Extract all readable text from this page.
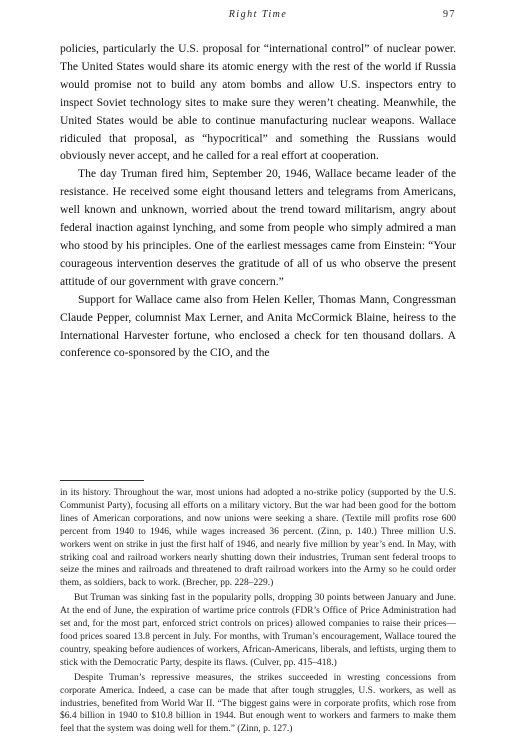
Right Time	97

policies, particularly the U.S. proposal for “international control” of nuclear power. The United States would share its atomic energy with the rest of the world if Russia would promise not to build any atom bombs and allow U.S. inspectors entry to inspect Soviet technology sites to make sure they weren’t cheating. Meanwhile, the United States would be able to continue manufacturing nuclear weapons. Wallace ridiculed that proposal, as “hypocritical” and something the Russians would obviously never accept, and he called for a real effort at cooperation.

The day Truman fired him, September 20, 1946, Wallace became leader of the resistance. He received some eight thousand letters and telegrams from Americans, well known and unknown, worried about the trend toward militarism, angry about federal inaction against lynching, and some from people who simply admired a man who stood by his principles. One of the earliest messages came from Einstein: “Your courageous intervention deserves the gratitude of all of us who observe the present attitude of our government with grave concern.”

Support for Wallace came also from Helen Keller, Thomas Mann, Congressman Claude Pepper, columnist Max Lerner, and Anita McCormick Blaine, heiress to the International Harvester fortune, who enclosed a check for ten thousand dollars. A conference co-sponsored by the CIO, and the

in its history. Throughout the war, most unions had adopted a no-strike policy (supported by the U.S. Communist Party), focusing all efforts on a military victory. But the war had been good for the bottom lines of American corporations, and now unions were seeking a share. (Textile mill profits rose 600 percent from 1940 to 1946, while wages increased 36 percent. (Zinn, p. 140.) Three million U.S. workers went on strike in just the first half of 1946, and nearly five million by year’s end. In May, with striking coal and railroad workers nearly shutting down their industries, Truman sent federal troops to seize the mines and railroads and threatened to draft railroad workers into the Army so he could order them, as soldiers, back to work. (Brecher, pp. 228–229.)

But Truman was sinking fast in the popularity polls, dropping 30 points between January and June. At the end of June, the expiration of wartime price controls (FDR’s Office of Price Administration had set and, for the most part, enforced strict controls on prices) allowed companies to raise their prices—food prices soared 13.8 percent in July. For months, with Truman’s encouragement, Wallace toured the country, speaking before audiences of workers, African-Americans, liberals, and leftists, urging them to stick with the Democratic Party, despite its flaws. (Culver, pp. 415–418.)

Despite Truman’s repressive measures, the strikes succeeded in wresting concessions from corporate America. Indeed, a case can be made that after tough struggles, U.S. workers, as well as industries, benefited from World War II. “The biggest gains were in corporate profits, which rose from $6.4 billion in 1940 to $10.8 billion in 1944. But enough went to workers and farmers to make them feel that the system was doing well for them.” (Zinn, p. 127.)
